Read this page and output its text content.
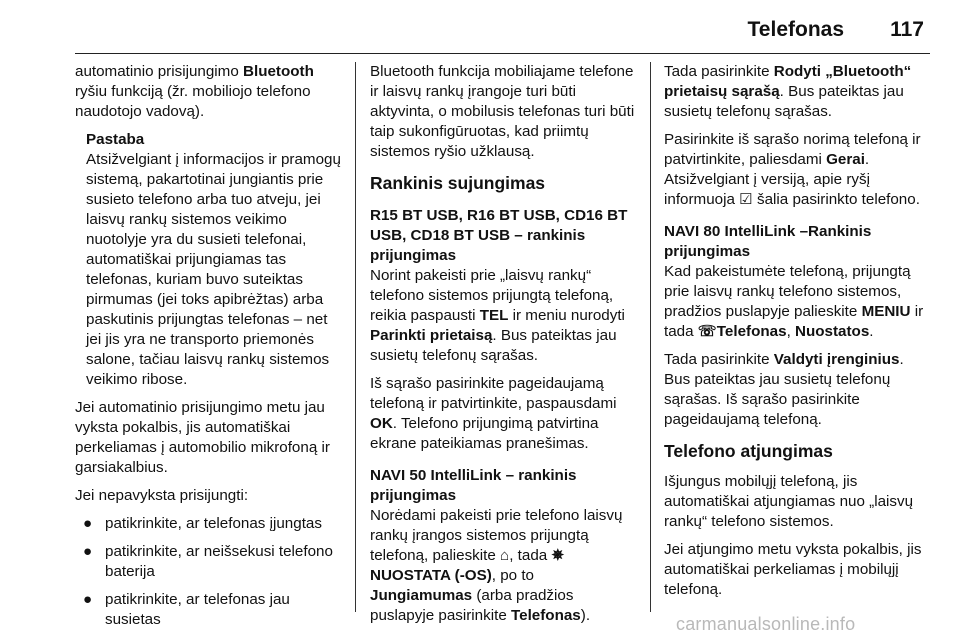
Telefonas 117

automatinio prisijungimo Bluetooth ryšiu funkciją (žr. mobiliojo telefono naudotojo vadovą).

Pastaba
Atsižvelgiant į informacijos ir pramogų sistemą, pakartotinai jungiantis prie susieto telefono arba tuo atveju, jei laisvų rankų sistemos veikimo nuotolyje yra du susieti telefonai, automatiškai prijungiamas tas telefonas, kuriam buvo suteiktas pirmumas (jei toks apibrėžtas) arba paskutinis prijungtas telefonas – net jei jis yra ne transporto priemonės salone, tačiau laisvų rankų sistemos veikimo ribose.

Jei automatinio prisijungimo metu jau vyksta pokalbis, jis automatiškai perkeliamas į automobilio mikrofoną ir garsiakalbius.

Jei nepavyksta prisijungti:

● patikrinkite, ar telefonas įjungtas
● patikrinkite, ar neišsekusi telefono baterija
● patikrinkite, ar telefonas jau susietas

Bluetooth funkcija mobiliajame telefone ir laisvų rankų įrangoje turi būti aktyvinta, o mobilusis telefonas turi būti taip sukonfigūruotas, kad priimtų sistemos ryšio užklausą.

Rankinis sujungimas
R15 BT USB, R16 BT USB, CD16 BT USB, CD18 BT USB – rankinis prijungimas

Norint pakeisti prie „laisvų rankų“ telefono sistemos prijungtą telefoną, reikia paspausti TEL ir meniu nurodyti Parinkti prietaisą. Bus pateiktas jau susietų telefonų sąrašas.

Iš sąrašo pasirinkite pageidaujamą telefoną ir patvirtinkite, paspausdami OK. Telefono prijungimą patvirtina ekrane pateikiamas pranešimas.

NAVI 50 IntelliLink – rankinis prijungimas

Norėdami pakeisti prie telefono laisvų rankų įrangos sistemos prijungtą telefoną, palieskite ⌂, tada ✵NUOSTATA (-OS), po to Jungiamumas (arba pradžios puslapyje pasirinkite Telefonas).

Tada pasirinkite Rodyti „Bluetooth“ prietaisų sąrašą. Bus pateiktas jau susietų telefonų sąrašas.

Pasirinkite iš sąrašo norimą telefoną ir patvirtinkite, paliesdami Gerai. Atsižvelgiant į versiją, apie ryšį informuoja ☑ šalia pasirinkto telefono.

NAVI 80 IntelliLink –Rankinis prijungimas

Kad pakeistumėte telefoną, prijungtą prie laisvų rankų telefono sistemos, pradžios puslapyje palieskite MENIU ir tada ☏Telefonas, Nuostatos.

Tada pasirinkite Valdyti įrenginius. Bus pateiktas jau susietų telefonų sąrašas. Iš sąrašo pasirinkite pageidaujamą telefoną.

Telefono atjungimas

Išjungus mobilųjį telefoną, jis automatiškai atjungiamas nuo „laisvų rankų“ telefono sistemos.

Jei atjungimo metu vyksta pokalbis, jis automatiškai perkeliamas į mobilųjį telefoną.

carmanualsonline.info
